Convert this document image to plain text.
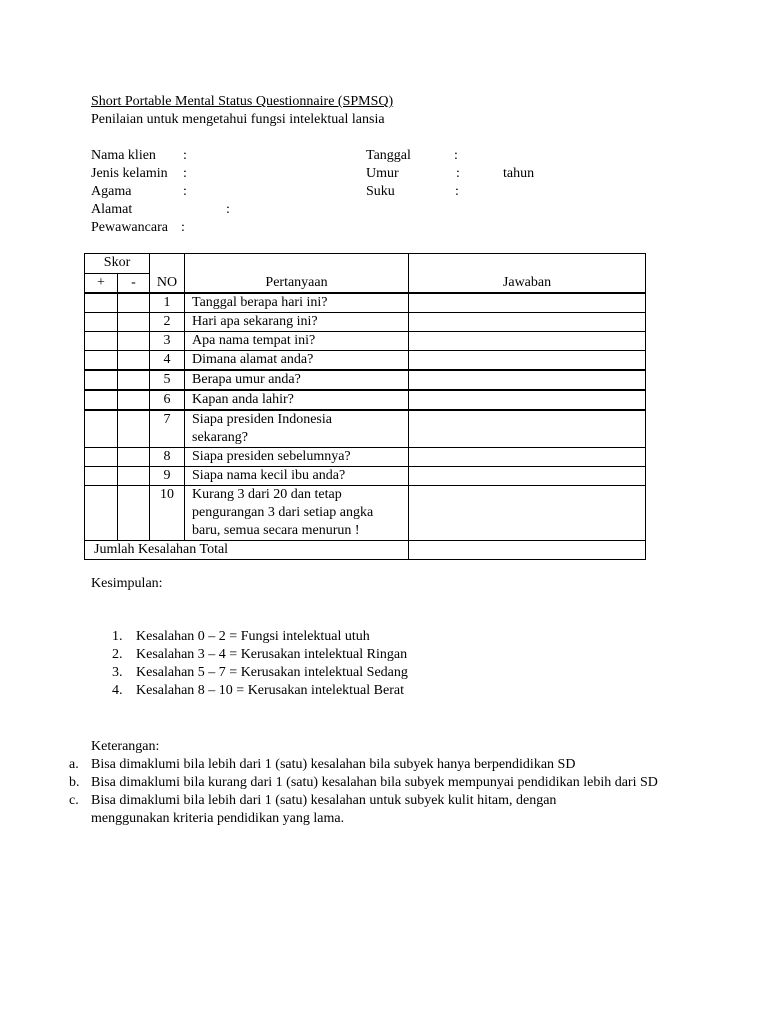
Short Portable Mental Status Questionnaire (SPMSQ)
Penilaian untuk mengetahui fungsi intelektual lansia
Nama klien :
Jenis kelamin :
Agama	:
Alamat	:
Pewawancara :
Tanggal	:
Umur	:	tahun
Suku	:
Skor		NO	Pertanyaan	Jawaban
+	-			
		1	Tanggal berapa hari ini?	
		2	Hari apa sekarang ini?	
		3	Apa nama tempat ini?	
		4	Dimana alamat anda?	
		5	Berapa umur anda?	
		6	Kapan anda lahir?	
		7	Siapa presiden Indonesia sekarang?	
		8	Siapa presiden sebelumnya?	
		9	Siapa nama kecil ibu anda?	
		10	Kurang 3 dari 20 dan tetap pengurangan 3 dari setiap angka baru, semua secara menurun !	
Jumlah Kesalahan Total				
Kesimpulan:
1. Kesalahan 0 – 2 = Fungsi intelektual utuh
2. Kesalahan 3 – 4 = Kerusakan intelektual Ringan
3. Kesalahan 5 – 7 = Kerusakan intelektual Sedang
4. Kesalahan 8 – 10 = Kerusakan intelektual Berat
Keterangan:
a. Bisa dimaklumi bila lebih dari 1 (satu) kesalahan bila subyek hanya berpendidikan SD
b. Bisa dimaklumi bila kurang dari 1 (satu) kesalahan bila subyek mempunyai pendidikan lebih dari SD
c. Bisa dimaklumi bila lebih dari 1 (satu) kesalahan untuk subyek kulit hitam, dengan menggunakan kriteria pendidikan yang lama.
